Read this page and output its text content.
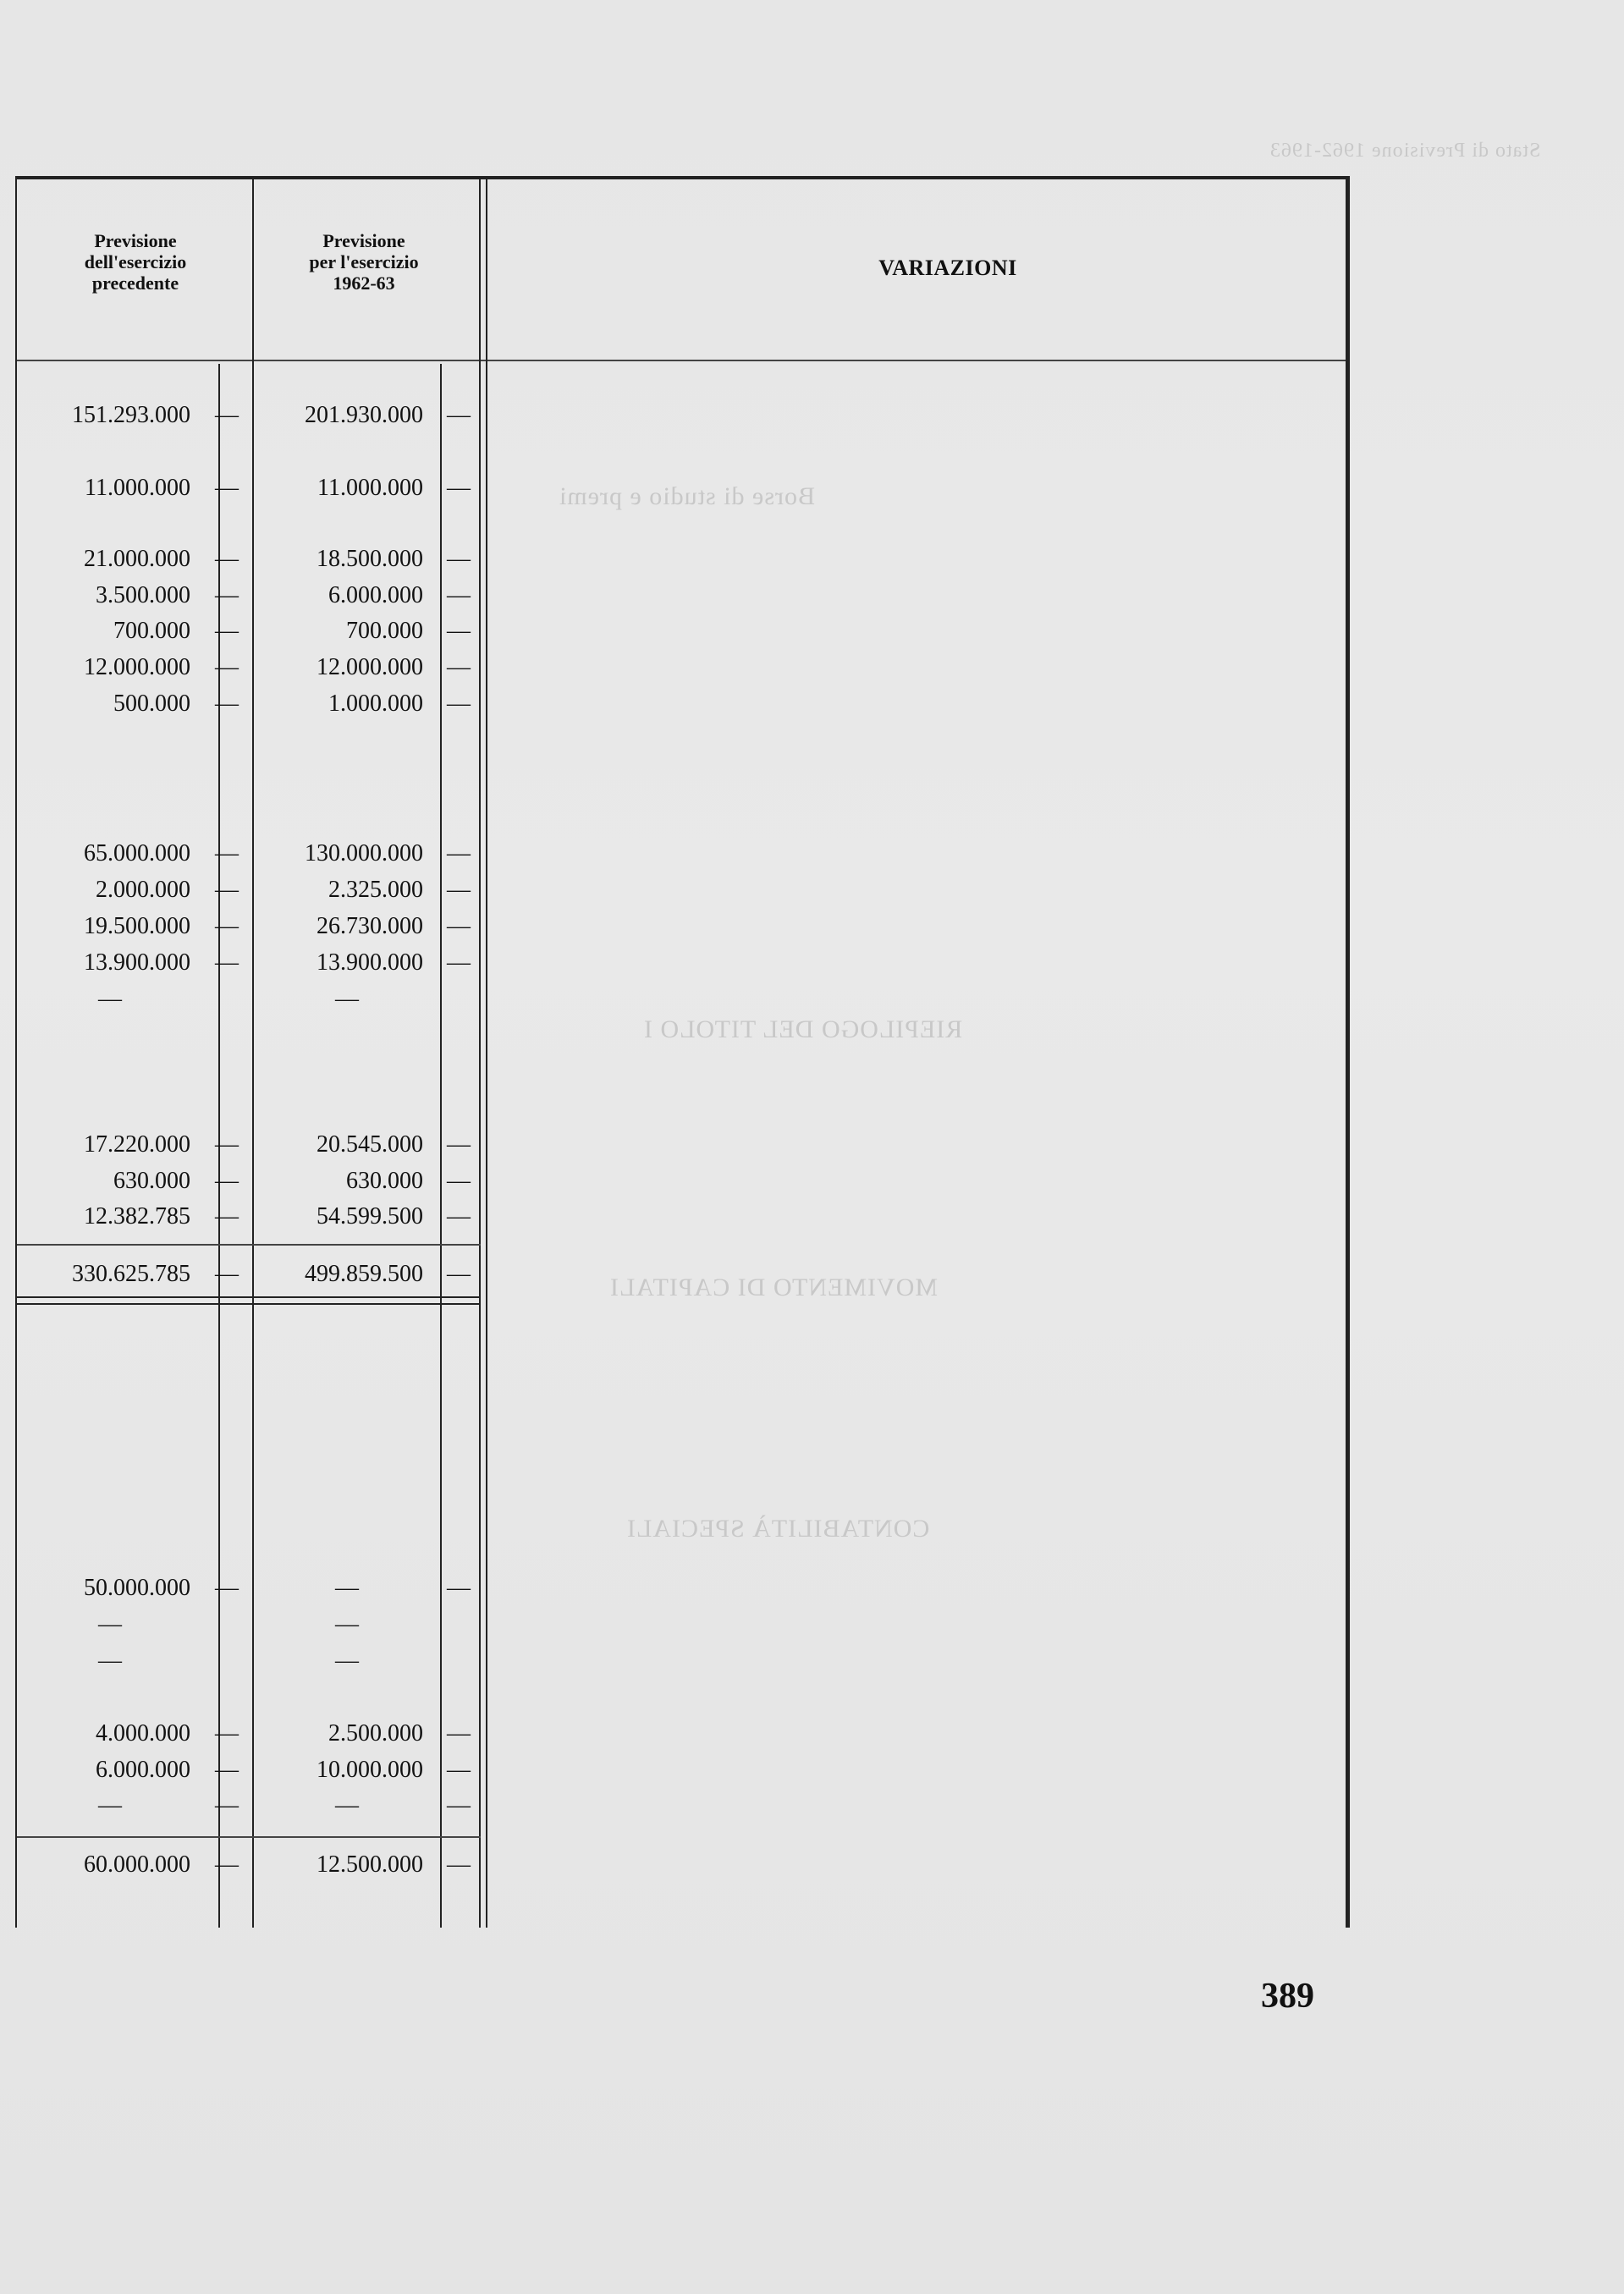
Stato di Previsione 1962-1963
Borse di studio e premi
RIEPILOGO DEL TITOLO I
MOVIMENTO DI CAPITALI
CONTABILITÀ SPECIALI
Previsione
dell'esercizio
precedente
Previsione
per l'esercizio
1962-63
VARIAZIONI
151.293.000 —	201.930.000 —
11.000.000 —	11.000.000 —
21.000.000 —	18.500.000 —
3.500.000 —	6.000.000 —
700.000 —	700.000 —
12.000.000 —	12.000.000 —
500.000 —	1.000.000 —
65.000.000 —	130.000.000 —
2.000.000 —	2.325.000 —
19.500.000 —	26.730.000 —
13.900.000 —	13.900.000 —
—	—
17.220.000 —	20.545.000 —
630.000 —	630.000 —
12.382.785 —	54.599.500 —
330.625.785 —	499.859.500 —
50.000.000 —	—	—
—	—
—	—
4.000.000 —	2.500.000 —
6.000.000 —	10.000.000 —
—	—	—	—
60.000.000 —	12.500.000 —
389
